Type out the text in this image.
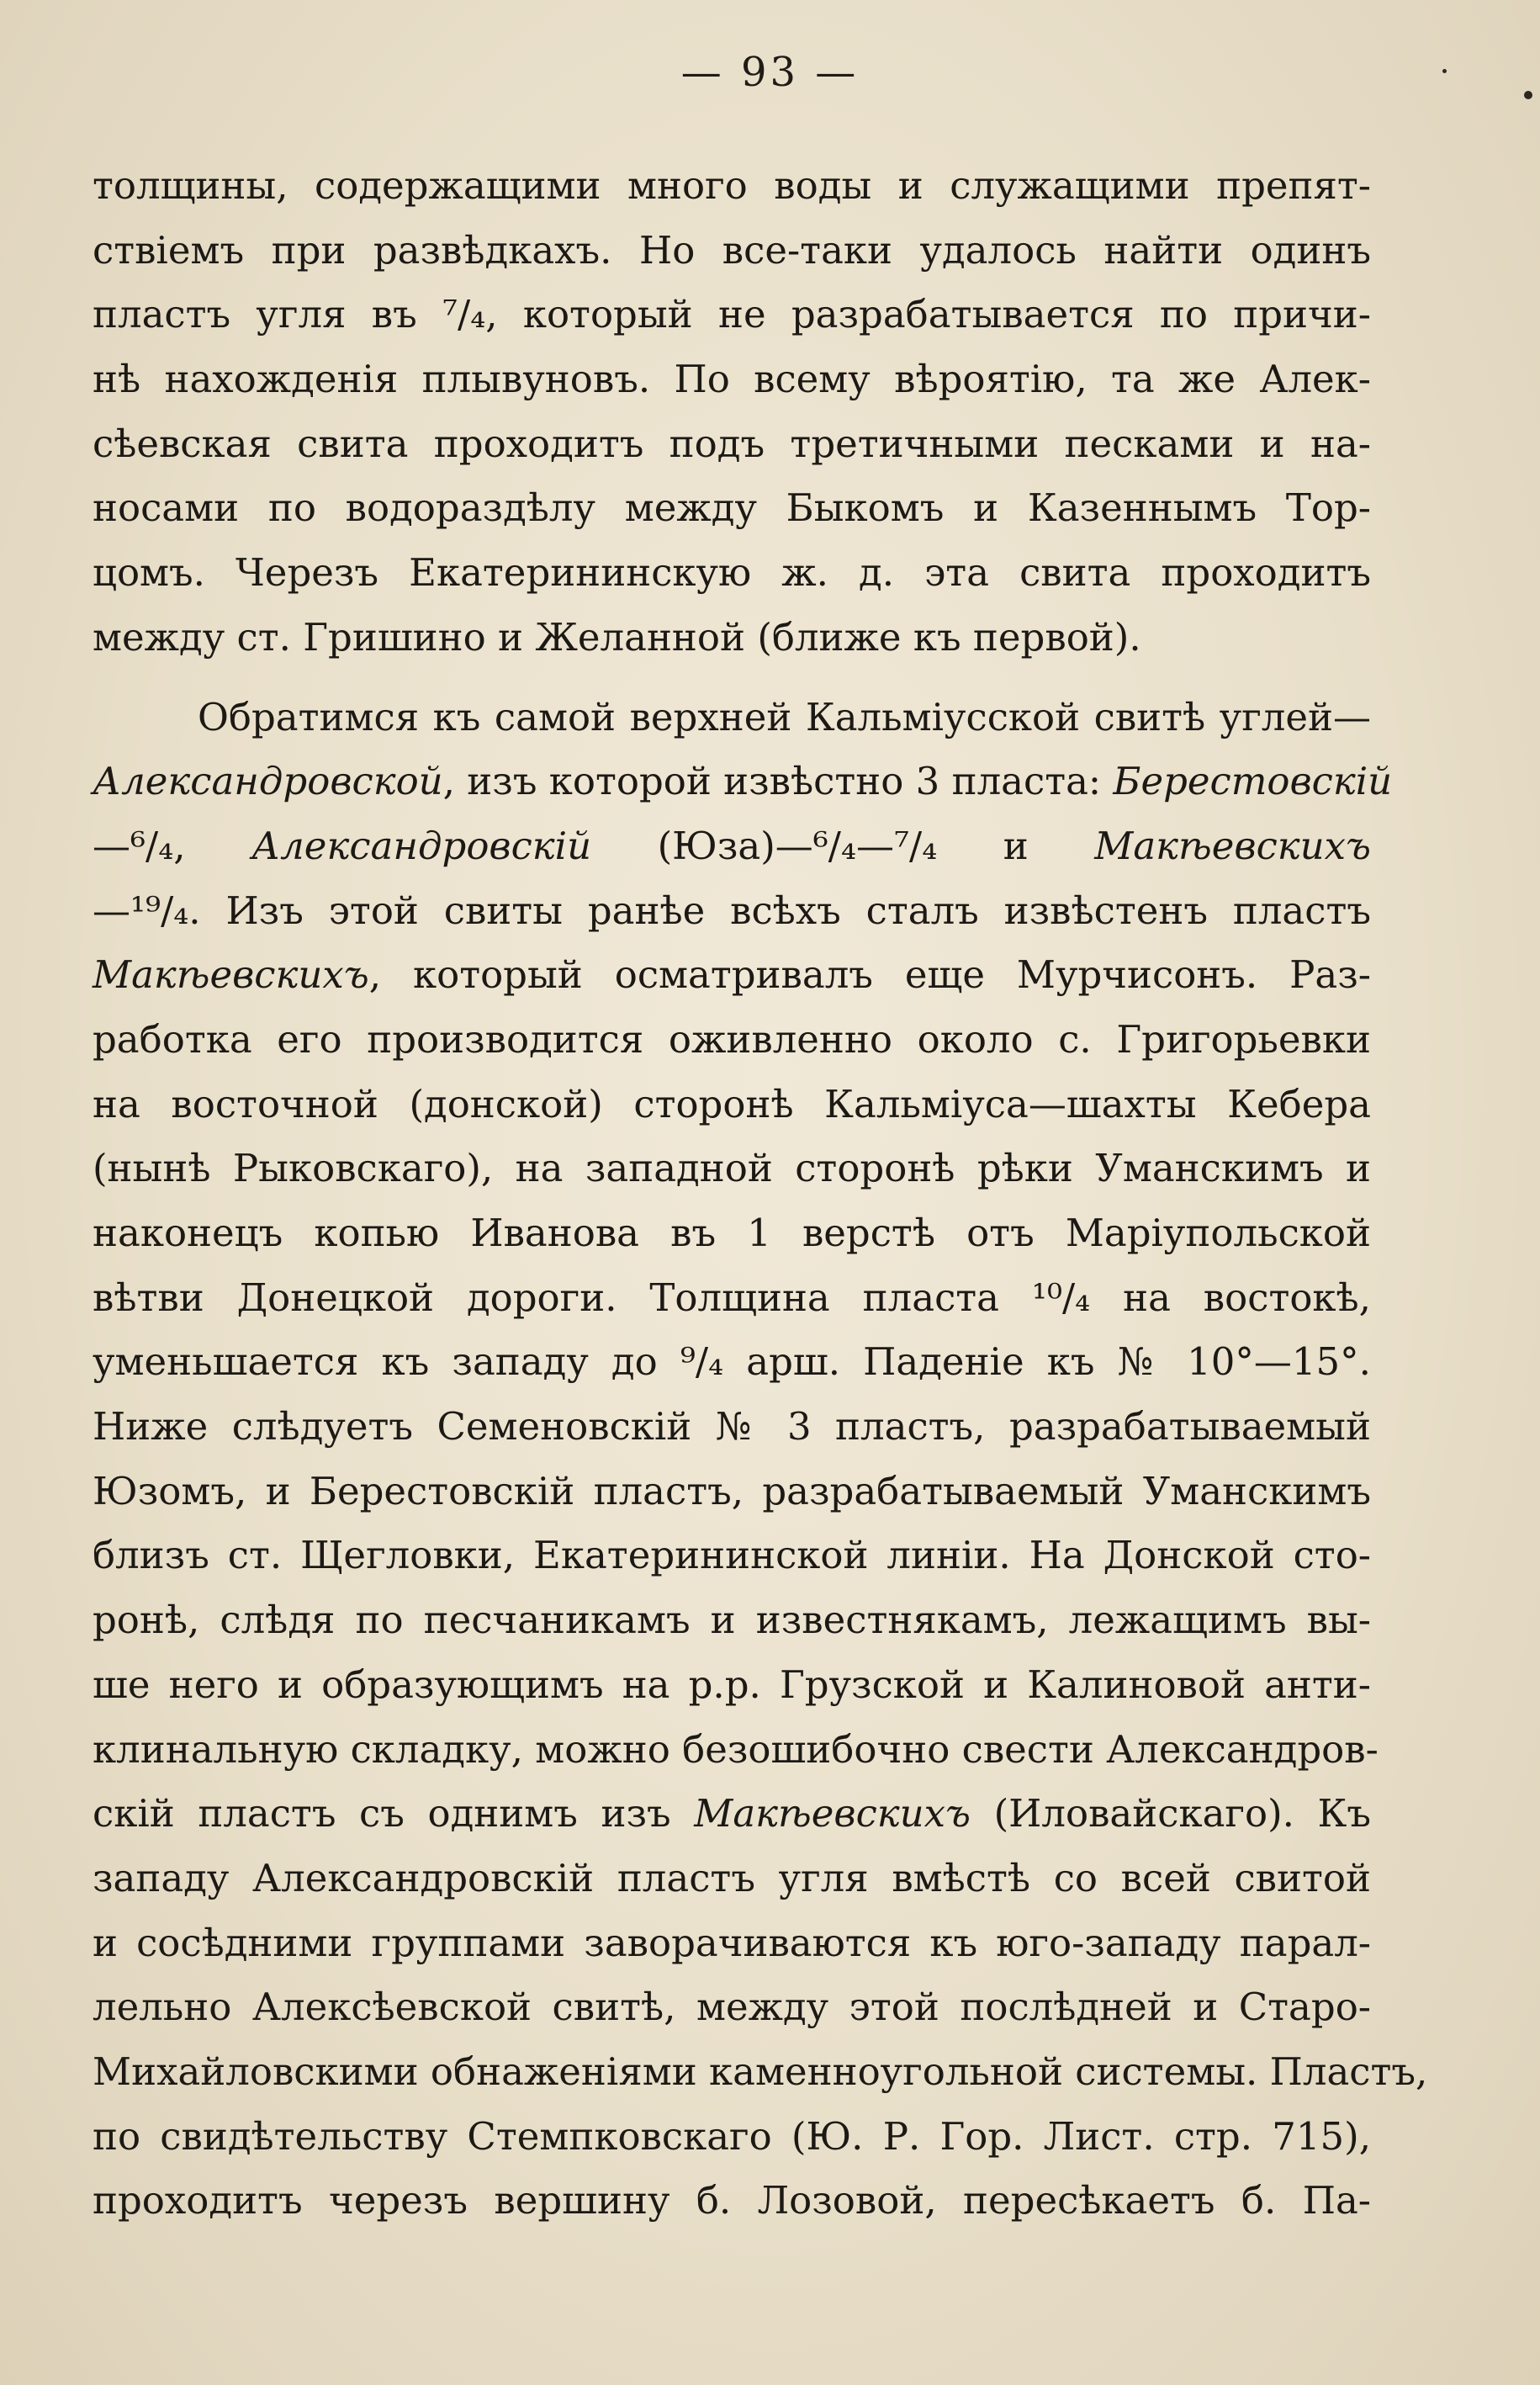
— 93 —
толщины, содержащими много воды и служащими препят-
ствіемъ при развѣдкахъ. Но все-таки удалось найти одинъ
пластъ угля въ ⁷/₄, который не разрабатывается по причи-
нѣ нахожденія плывуновъ. По всему вѣроятію, та же Алек-
сѣевская свита проходитъ подъ третичными песками и на-
носами по водораздѣлу между Быкомъ и Казеннымъ Тор-
цомъ. Черезъ Екатерининскую ж. д. эта свита проходитъ
между ст. Гришино и Желанной (ближе къ первой).
Обратимся къ самой верхней Кальміусской свитѣ углей—
Александровской, изъ которой извѣстно 3 пласта: Берестовскій
—⁶/₄, Александровскій (Юза)—⁶/₄—⁷/₄ и Макѣевскихъ
—¹⁹/₄. Изъ этой свиты ранѣе всѣхъ сталъ извѣстенъ пластъ
Макѣевскихъ, который осматривалъ еще Мурчисонъ. Раз-
работка его производится оживленно около с. Григорьевки
на восточной (донской) сторонѣ Кальміуса—шахты Кебера
(нынѣ Рыковскаго), на западной сторонѣ рѣки Уманскимъ и
наконецъ копью Иванова въ 1 верстѣ отъ Маріупольской
вѣтви Донецкой дороги. Толщина пласта ¹⁰/₄ на востокѣ,
уменьшается къ западу до ⁹/₄ арш. Паденіе къ № 10°—15°.
Ниже слѣдуетъ Семеновскій № 3 пластъ, разрабатываемый
Юзомъ, и Берестовскій пластъ, разрабатываемый Уманскимъ
близъ ст. Щегловки, Екатерининской линіи. На Донской сто-
ронѣ, слѣдя по песчаникамъ и известнякамъ, лежащимъ вы-
ше него и образующимъ на р.р. Грузской и Калиновой анти-
клинальную складку, можно безошибочно свести Александров-
скій пластъ съ однимъ изъ Макѣевскихъ (Иловайскаго). Къ
западу Александровскій пластъ угля вмѣстѣ со всей свитой
и сосѣдними группами заворачиваются къ юго-западу парал-
лельно Алексѣевской свитѣ, между этой послѣдней и Старо-
Михайловскими обнаженіями каменноугольной системы. Пластъ,
по свидѣтельству Стемпковскаго (Ю. Р. Гор. Лист. стр. 715),
проходитъ черезъ вершину б. Лозовой, пересѣкаетъ б. Па-
